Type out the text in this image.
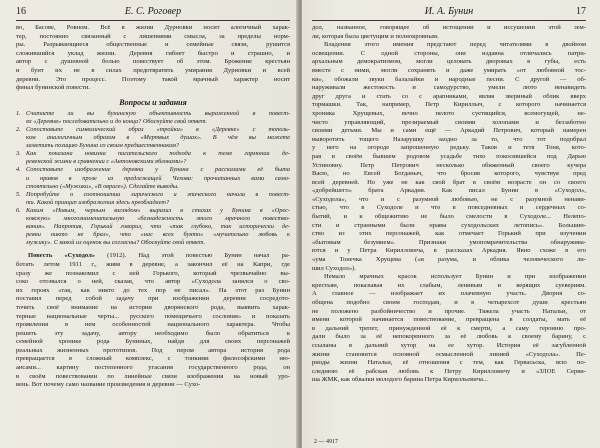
16	Е. С. Роговер
во, Басове, Ровном. Всё в жизни Дурновки носит алогичный харак-
тер, постоянно связанный с лишениями смысла, за пределы норм-
ры. Разрывающиеся общественные и семейные связи, рушится
сложившийся уклад жизни. Деревня гибнет быстро и страшно, и
автор с душевной болью повествует об этом. Брожение крестьян
и бунт их не в силах предотвратить умирания Дурновки и всей
деревни. Это процесс. Поэтому такой мрачный характер носит
финал бунинской повести.
Вопросы и задания
1. Считаете ли вы бунинскую объективность выраженной в повест-
ях «Деревня» последовательно и до конца? Обоснуйте свой ответ.
2. Сопоставьте символический образ «тройки» в «Деревне» с тополь-
ком аналогичным образом в «Мертвых душах». В чём вы можете
заметить позицию Бунина со своим предшественником?
3. Как показана новизна писательского подхода к теме гармонии де-
ревенской жизни в сравнении с «Антоновскими яблоками»?
4. Сопоставьте изображение деревни у Бунина с рассказами её быта
и нравов в прозе из предлежащей Чехова: прочитанных вами само-
стоятельно («Мужики», «В овраге»). Сделайте выводы.
5. Попробуйте о соотношении лирического и эпического начала в повест-
ти. Какой принцип изображения здесь преобладает?
6. Каким «Новым, черным взглядом» выразил в стихах у Бунина в «Орес-
ковскую» многознаменательную «безнадежность этого мрачного повество-
вания». Напротив, Горький говорил, что «так глубоко, так исторически де-
ревни никто не брал», что «нас всех бунто» «мучительно любовь к
мужику». С какой из оценок вы согласны? Обоснуйте свой ответ.
Повесть «Суходол» (1912). Над этой повестью Бунин начал ра-
ботать летом 1911 г., живя в деревне, а закончил её на Капри, где
сразу же познакомил с ней Горького, который чрезвычайно вы-
соко отозвался о ней, сказав, что автор «Суходола занялся о сво-
их героях «так, как никто до тех пор не писал». На этот раз Бунин
поставил перед собой задачу при изображении деревни сосредото-
точить своё внимание на истории дворянского рода, выявить харак-
терные национальные черты... русского помещичьего сословия» и показать
проявления в нем особенностей национального характера. Чтобы
решить эту задачу, автору необходимо было обратиться к
семейной хронике рода Буниных, найдя для своих персонажей
реальных жизненных прототипов. Под пером автора история рода
превращается в сложный комплекс, с тонкими философскими ню-
ансами... картину постепенного угасания государственного рода, он
в своём повествовании по линейные связи изображения на новый уро-
вень. Вот почему само название произведения и деревни — Сухо-
И. А. Бунин	17
дол, названное, говорящее об истощении и иссушении этой зем-
ли, которая была цветущим и полнокровным.
Владения этого имения предстают перед читателями в двойном
освещении. С одной стороны, они издавна отличались патри-
архальным демократизмом, могли целовать дворовых в губы, есть
вместе с ними, могли сохранять и даже умирать «от любовной тос-
ки», обожали звуки балалайки и народные песни. С другой — об-
наруживали жестокость и самодурство, умели люто ненавидеть
друг друга и стать со с арапниками, являя звериный облик вверх
тормашки. Так, например, Петр Кириллыч, с которого начинается
хроника Хрущевых, вечно пелото суетящийся, всемогущей, не-
чисто управляющий, презираемый своими холопами и беззаботно
своими детьми. Мы и сами ещё — Аркадий Петрович, который намерен
выворотить тощего Назарушку заодно за то, что тот подобрал
у него на огороде запрошенную редьку. Таков и тетя Тоня, кото-
рая в своём бывшем родовом усадьбе тихо покосившейся под Дарью
Устиновну. Петр Петрович несколько обиженный своего кучера
Васю, но Евсей Богданыч, что бросив которого, чувствуя пред
всей деревней. Но уже не как свой брат в своём возрасте он со своего
«добрейшего» брата Аркадия. Как писал Бунин в «Суходол»,
«Суходола», что и с разумной любовью, не с разумной ненави-
стью, что в Суходоле и что в повседневных и сердечных со-
бытий, и к общежитию не было смелости в Суходоле... Нелепо-
сти и странными были нравы суходольских летопись». Большин-
ство из этих персонажей, как отмечает Горький при изучении
«бытовым безумием». Признаки умопомрачительства обнаружива-
ются и у Петра Кирилловича, в рассказах Аркадия. Явно схоже в его
«ума Тонечка Хрущева («и разума, и облика человеческого ли-
шил Суходол»).
Немало мрачных красок использует Бунин и при изображении
крестьян, показывая их слабым, ленивым и верящих суевериям.
А главное — изображает их плачевную участь. Дворня со-
общена подобно своим господам, и в четырехсот души крестьян
не положено разбойничество и прочие. Тяжела участь Натальи, от
имени которой начинается повествование, превращена в солдаты, мать её
в дальний трепет, принужденной её к смерти, а саму героиню про-
дали было за её непокоренного за её любовь к своему барину, с
ссыланы в дальний хутор на ее хутор. История её загубленной
жизни становится основной осмысленной линией «Суходола». Пе-
риоды жизни Натальи, её отношения с тем, как Гервасьска, всю по-
следнюю её рабская любовь к Петру Кирилловичу и «ЗЛОЕ Серви-
ша ЖМК, как обвалки молодого барина Петра Кирилльевича...
2 — 4917
